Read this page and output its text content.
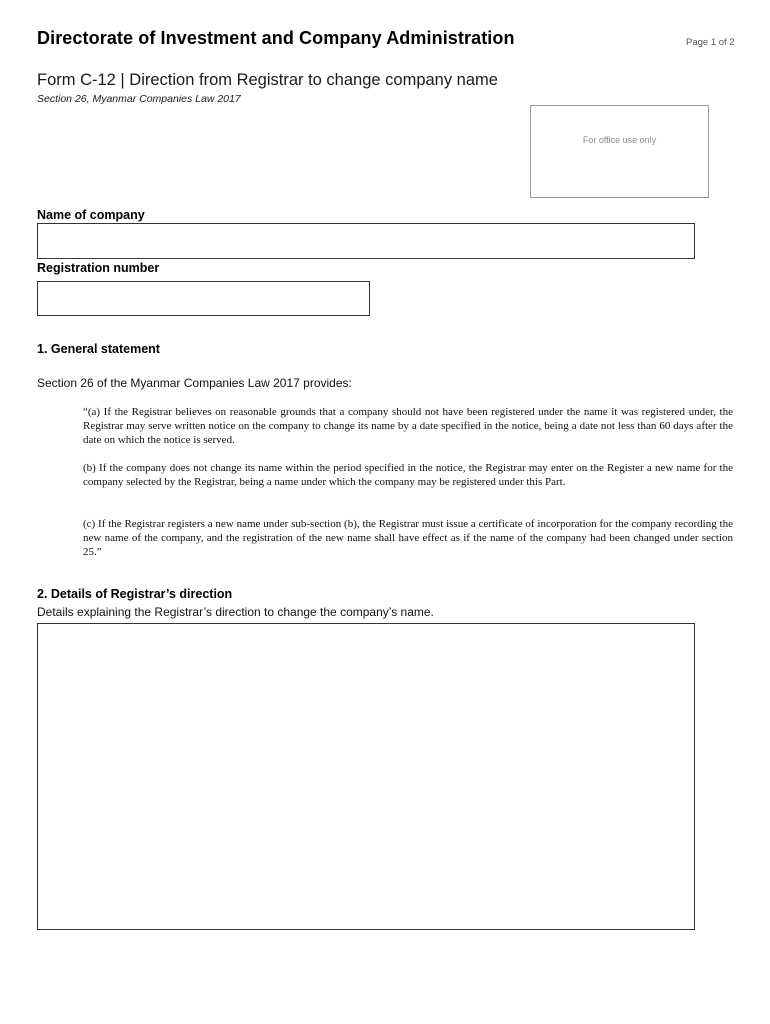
Directorate of Investment and Company Administration	Page 1 of 2
Form C-12 | Direction from Registrar to change company name
Section 26, Myanmar Companies Law 2017
For office use only
Name of company
Registration number
1. General statement
Section 26 of the Myanmar Companies Law 2017 provides:
“(a) If the Registrar believes on reasonable grounds that a company should not have been registered under the name it was registered under, the Registrar may serve written notice on the company to change its name by a date specified in the notice, being a date not less than 60 days after the date on which the notice is served.
(b) If the company does not change its name within the period specified in the notice, the Registrar may enter on the Register a new name for the company selected by the Registrar, being a name under which the company may be registered under this Part.
(c) If the Registrar registers a new name under sub-section (b), the Registrar must issue a certificate of incorporation for the company recording the new name of the company, and the registration of the new name shall have effect as if the name of the company had been changed under section 25.”
2. Details of Registrar’s direction
Details explaining the Registrar’s direction to change the company’s name.
